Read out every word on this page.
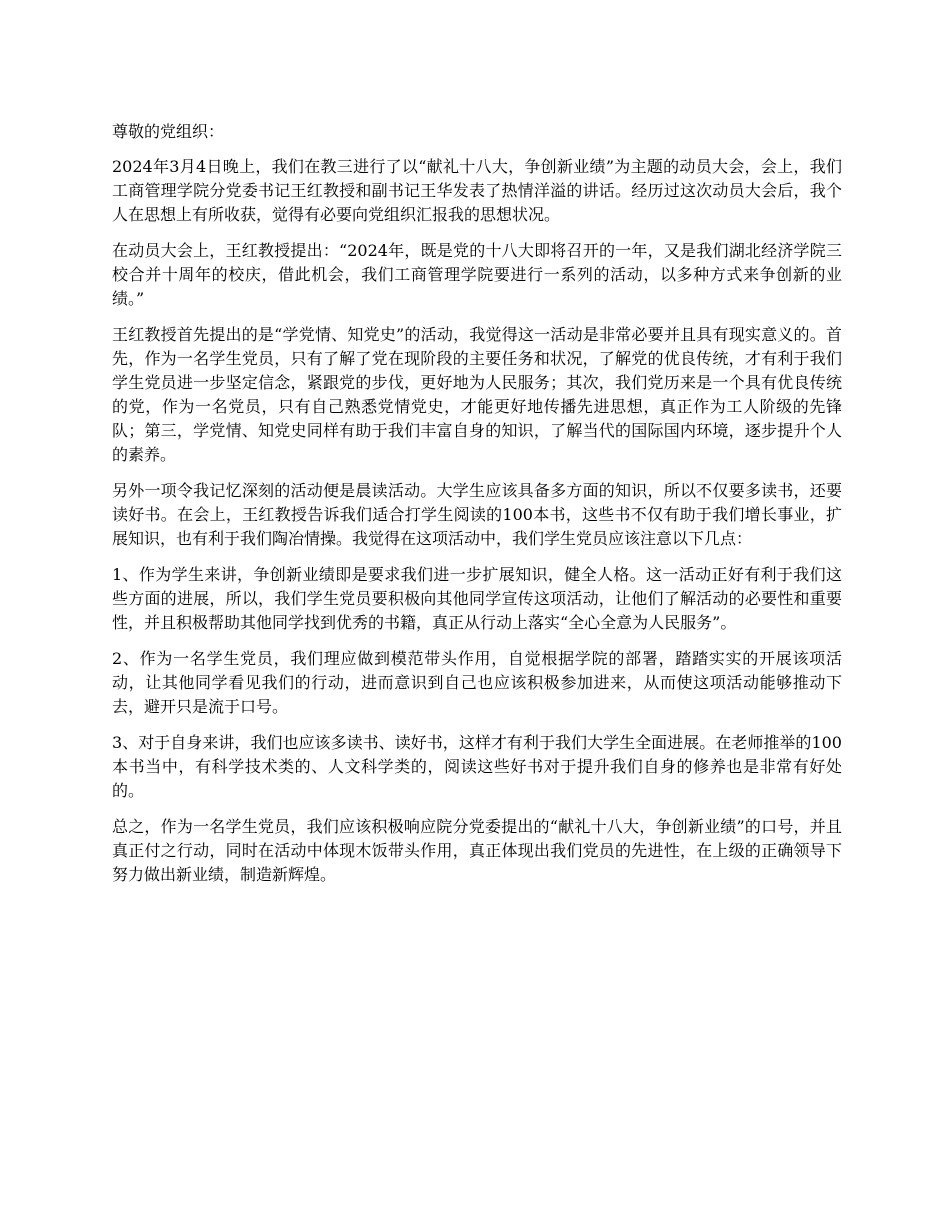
尊敬的党组织：

2024年3月4日晚上，我们在教三进行了以“献礼十八大，争创新业绩”为主题的动员大会，会上，我们工商管理学院分党委书记王红教授和副书记王华发表了热情洋溢的讲话。经历过这次动员大会后，我个人在思想上有所收获，觉得有必要向党组织汇报我的思想状况。

在动员大会上，王红教授提出：“2024年，既是党的十八大即将召开的一年，又是我们湖北经济学院三校合并十周年的校庆，借此机会，我们工商管理学院要进行一系列的活动，以多种方式来争创新的业绩。”

王红教授首先提出的是“学党情、知党史”的活动，我觉得这一活动是非常必要并且具有现实意义的。首先，作为一名学生党员，只有了解了党在现阶段的主要任务和状况，了解党的优良传统，才有利于我们学生党员进一步坚定信念，紧跟党的步伐，更好地为人民服务；其次，我们党历来是一个具有优良传统的党，作为一名党员，只有自己熟悉党情党史，才能更好地传播先进思想，真正作为工人阶级的先锋队；第三，学党情、知党史同样有助于我们丰富自身的知识，了解当代的国际国内环境，逐步提升个人的素养。

另外一项令我记忆深刻的活动便是晨读活动。大学生应该具备多方面的知识，所以不仅要多读书，还要读好书。在会上，王红教授告诉我们适合打学生阅读的100本书，这些书不仅有助于我们增长事业，扩展知识，也有利于我们陶冶情操。我觉得在这项活动中，我们学生党员应该注意以下几点：

1、作为学生来讲，争创新业绩即是要求我们进一步扩展知识，健全人格。这一活动正好有利于我们这些方面的进展，所以，我们学生党员要积极向其他同学宣传这项活动，让他们了解活动的必要性和重要性，并且积极帮助其他同学找到优秀的书籍，真正从行动上落实“全心全意为人民服务”。

2、作为一名学生党员，我们理应做到模范带头作用，自觉根据学院的部署，踏踏实实的开展该项活动，让其他同学看见我们的行动，进而意识到自己也应该积极参加进来，从而使这项活动能够推动下去，避开只是流于口号。

3、对于自身来讲，我们也应该多读书、读好书，这样才有利于我们大学生全面进展。在老师推举的100本书当中，有科学技术类的、人文科学类的，阅读这些好书对于提升我们自身的修养也是非常有好处的。

总之，作为一名学生党员，我们应该积极响应院分党委提出的“献礼十八大，争创新业绩”的口号，并且真正付之行动，同时在活动中体现木饭带头作用，真正体现出我们党员的先进性，在上级的正确领导下努力做出新业绩，制造新辉煌。
